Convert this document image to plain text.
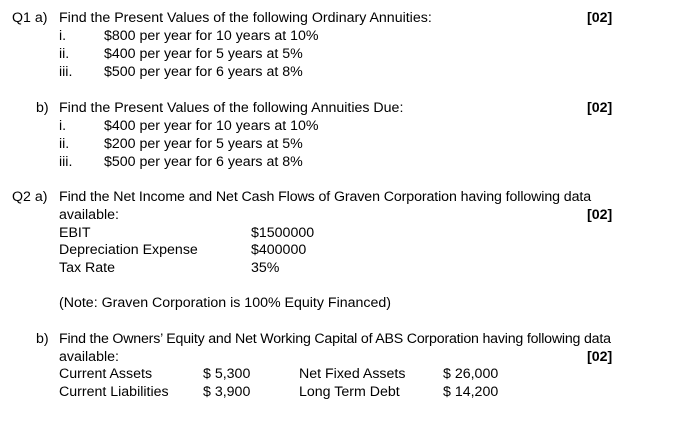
Q1 a) Find the Present Values of the following Ordinary Annuities:	[02]
i.	$800 per year for 10 years at 10%
ii. $400 per year for 5 years at 5%
iii. $500 per year for 6 years at 8%
b) Find the Present Values of the following Annuities Due:	[02]
i.	$400 per year for 10 years at 10%
ii. $200 per year for 5 years at 5%
iii. $500 per year for 6 years at 8%
Q2 a) Find the Net Income and Net Cash Flows of Graven Corporation having following data
available:	[02]
EBIT	$1500000
Depreciation Expense	$400000
Tax Rate	35%
(Note: Graven Corporation is 100% Equity Financed)
b) Find the Owners’ Equity and Net Working Capital of ABS Corporation having following data
available:	[02]
Current Assets	$ 5,300	Net Fixed Assets	$ 26,000
Current Liabilities $ 3,900	Long Term Debt	$ 14,200
